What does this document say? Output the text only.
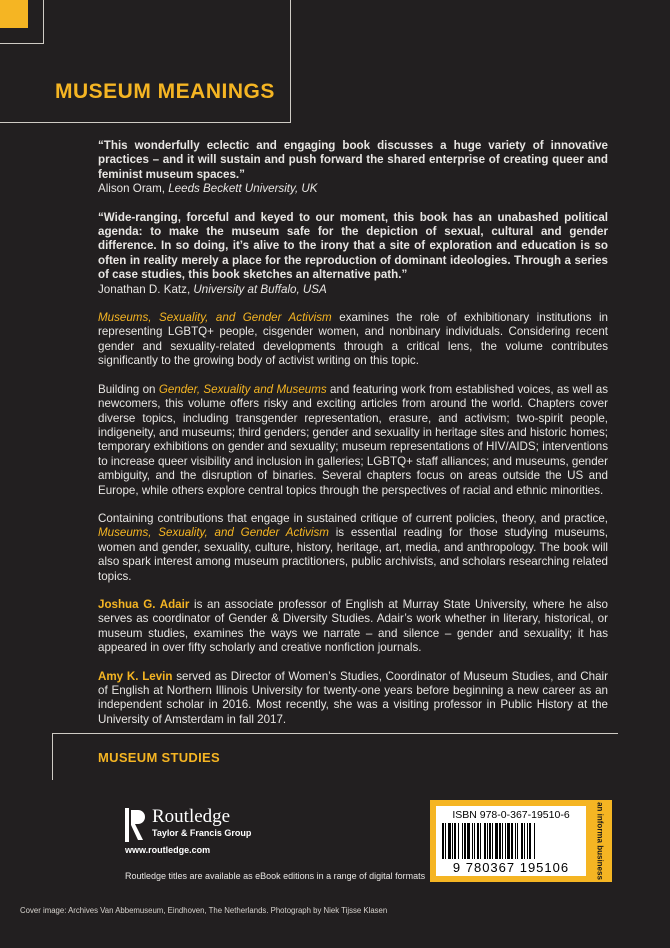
MUSEUM MEANINGS

“This wonderfully eclectic and engaging book discusses a huge variety of innovative practices – and it will sustain and push forward the shared enterprise of creating queer and feminist museum spaces.”
Alison Oram, Leeds Beckett University, UK

“Wide-ranging, forceful and keyed to our moment, this book has an unabashed political agenda: to make the museum safe for the depiction of sexual, cultural and gender difference. In so doing, it’s alive to the irony that a site of exploration and education is so often in reality merely a place for the reproduction of dominant ideologies. Through a series of case studies, this book sketches an alternative path.”
Jonathan D. Katz, University at Buffalo, USA

Museums, Sexuality, and Gender Activism examines the role of exhibitionary institutions in representing LGBTQ+ people, cisgender women, and nonbinary individuals. Considering recent gender and sexuality-related developments through a critical lens, the volume contributes significantly to the growing body of activist writing on this topic.

Building on Gender, Sexuality and Museums and featuring work from established voices, as well as newcomers, this volume offers risky and exciting articles from around the world. Chapters cover diverse topics, including transgender representation, erasure, and activism; two-spirit people, indigeneity, and museums; third genders; gender and sexuality in heritage sites and historic homes; temporary exhibitions on gender and sexuality; museum representations of HIV/AIDS; interventions to increase queer visibility and inclusion in galleries; LGBTQ+ staff alliances; and museums, gender ambiguity, and the disruption of binaries. Several chapters focus on areas outside the US and Europe, while others explore central topics through the perspectives of racial and ethnic minorities.

Containing contributions that engage in sustained critique of current policies, theory, and practice, Museums, Sexuality, and Gender Activism is essential reading for those studying museums, women and gender, sexuality, culture, history, heritage, art, media, and anthropology. The book will also spark interest among museum practitioners, public archivists, and scholars researching related topics.

Joshua G. Adair is an associate professor of English at Murray State University, where he also serves as coordinator of Gender & Diversity Studies. Adair’s work whether in literary, historical, or museum studies, examines the ways we narrate – and silence – gender and sexuality; it has appeared in over fifty scholarly and creative nonfiction journals.

Amy K. Levin served as Director of Women’s Studies, Coordinator of Museum Studies, and Chair of English at Northern Illinois University for twenty-one years before beginning a new career as an independent scholar in 2016. Most recently, she was a visiting professor in Public History at the University of Amsterdam in fall 2017.

MUSEUM STUDIES
Routledge
Taylor & Francis Group
www.routledge.com
Routledge titles are available as eBook editions in a range of digital formats
ISBN 978-0-367-19510-6
9 780367 195106	an informa business
Cover image: Archives Van Abbemuseum, Eindhoven, The Netherlands. Photograph by Niek Tijsse Klasen
